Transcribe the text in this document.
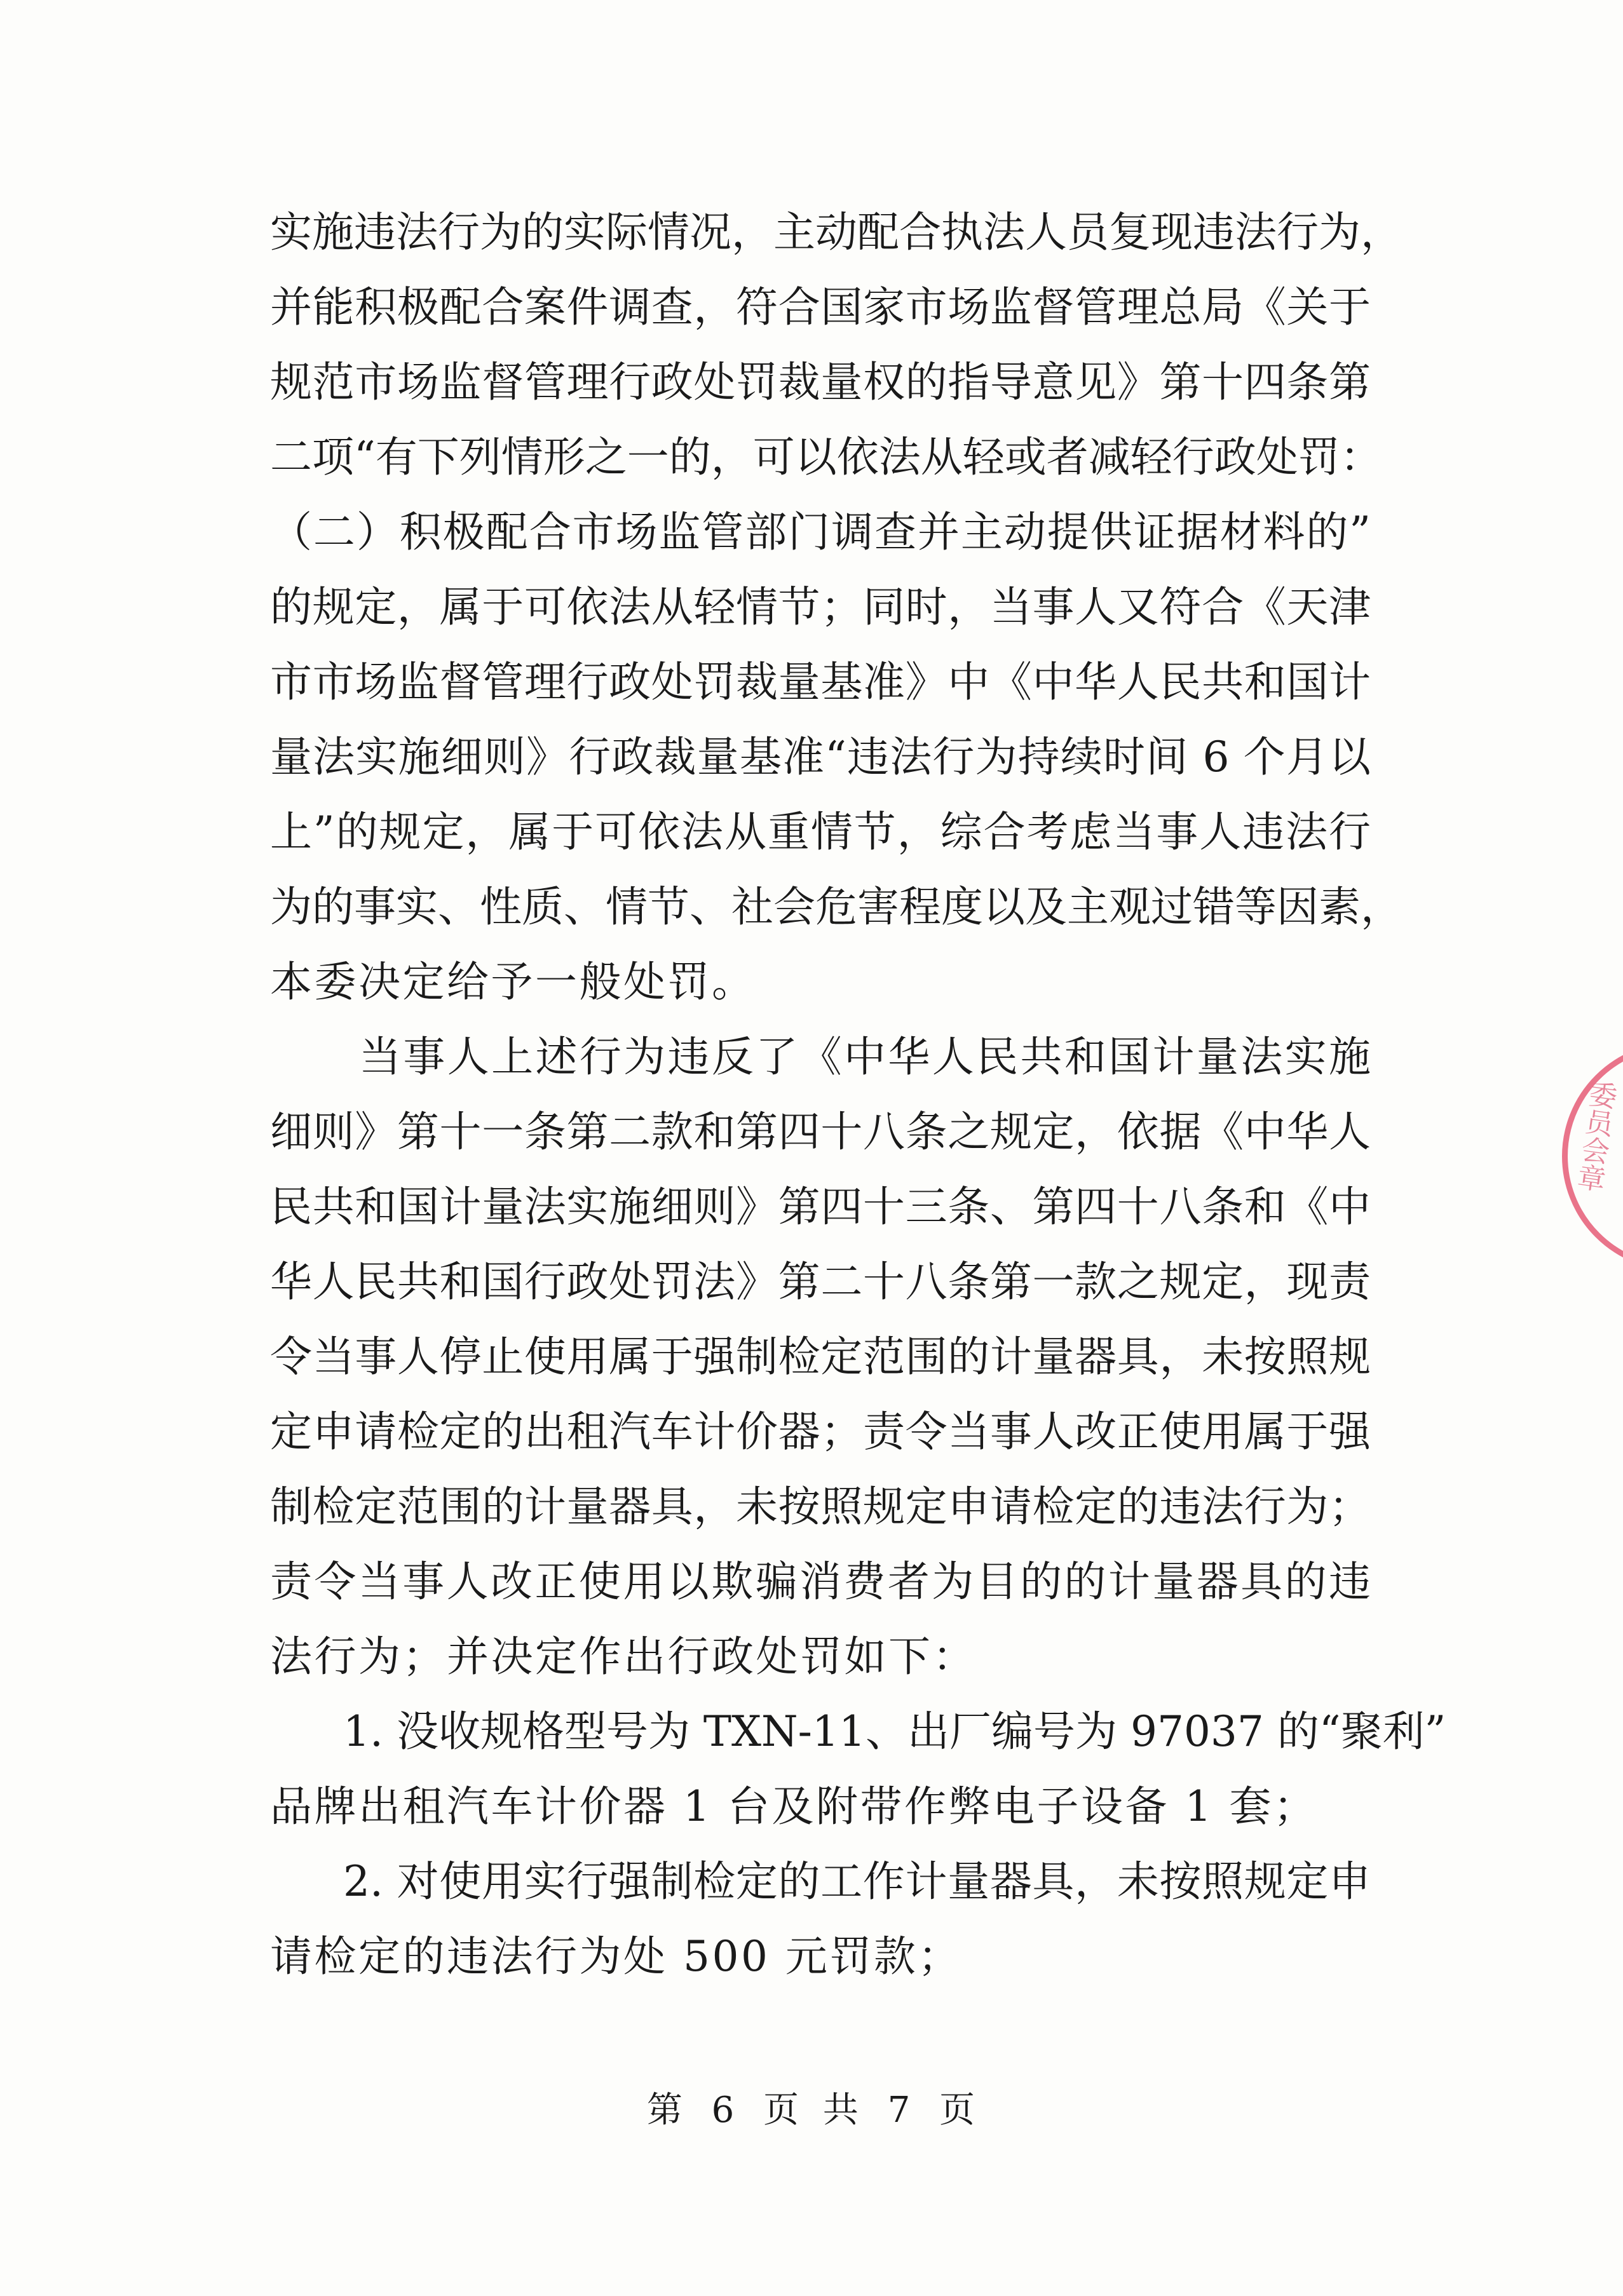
实施违法行为的实际情况，主动配合执法人员复现违法行为，
并能积极配合案件调查，符合国家市场监督管理总局《关于
规范市场监督管理行政处罚裁量权的指导意见》第十四条第
二项“有下列情形之一的，可以依法从轻或者减轻行政处罚：
（二）积极配合市场监管部门调查并主动提供证据材料的”
的规定，属于可依法从轻情节；同时，当事人又符合《天津
市市场监督管理行政处罚裁量基准》中《中华人民共和国计
量法实施细则》行政裁量基准“违法行为持续时间 6 个月以
上”的规定，属于可依法从重情节，综合考虑当事人违法行
为的事实、性质、情节、社会危害程度以及主观过错等因素，
本委决定给予一般处罚。
当事人上述行为违反了《中华人民共和国计量法实施
细则》第十一条第二款和第四十八条之规定，依据《中华人
民共和国计量法实施细则》第四十三条、第四十八条和《中
华人民共和国行政处罚法》第二十八条第一款之规定，现责
令当事人停止使用属于强制检定范围的计量器具，未按照规
定申请检定的出租汽车计价器；责令当事人改正使用属于强
制检定范围的计量器具，未按照规定申请检定的违法行为；
责令当事人改正使用以欺骗消费者为目的的计量器具的违
法行为；并决定作出行政处罚如下：
1. 没收规格型号为 TXN-11、出厂编号为 97037 的“聚利”
品牌出租汽车计价器 1 台及附带作弊电子设备 1 套；
2. 对使用实行强制检定的工作计量器具，未按照规定申
请检定的违法行为处 500 元罚款；
委员会章
第 6 页 共 7 页
